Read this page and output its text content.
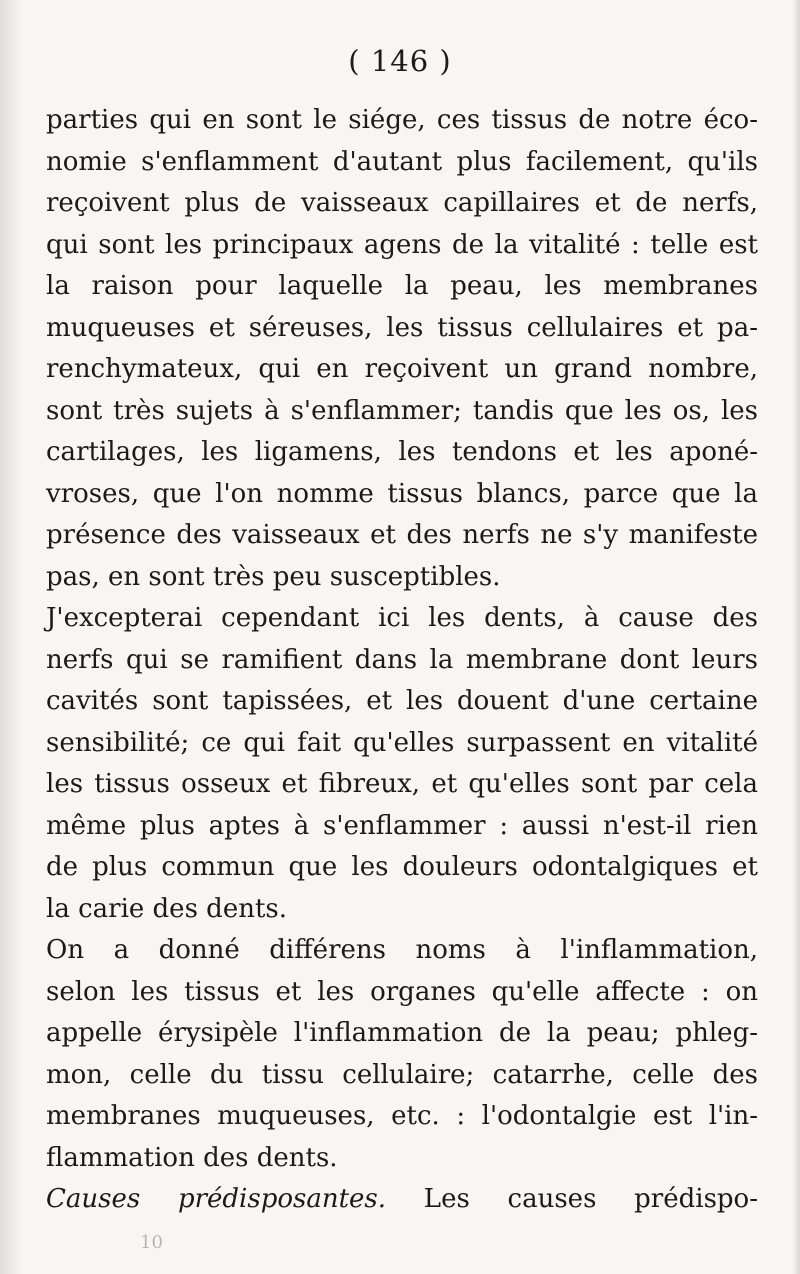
( 146 )
parties qui en sont le siége, ces tissus de notre éco-
nomie s'enflamment d'autant plus facilement, qu'ils
reçoivent plus de vaisseaux capillaires et de nerfs,
qui sont les principaux agens de la vitalité : telle est
la raison pour laquelle la peau, les membranes
muqueuses et séreuses, les tissus cellulaires et pa-
renchymateux, qui en reçoivent un grand nombre,
sont très sujets à s'enflammer; tandis que les os, les
cartilages, les ligamens, les tendons et les aponé-
vroses, que l'on nomme tissus blancs, parce que la
présence des vaisseaux et des nerfs ne s'y manifeste
pas, en sont très peu susceptibles.
J'excepterai cependant ici les dents, à cause des
nerfs qui se ramifient dans la membrane dont leurs
cavités sont tapissées, et les douent d'une certaine
sensibilité; ce qui fait qu'elles surpassent en vitalité
les tissus osseux et fibreux, et qu'elles sont par cela
même plus aptes à s'enflammer : aussi n'est-il rien
de plus commun que les douleurs odontalgiques et
la carie des dents.
On a donné différens noms à l'inflammation,
selon les tissus et les organes qu'elle affecte : on
appelle érysipèle l'inflammation de la peau; phleg-
mon, celle du tissu cellulaire; catarrhe, celle des
membranes muqueuses, etc. : l'odontalgie est l'in-
flammation des dents.
Causes prédisposantes. Les causes prédispo-
10
